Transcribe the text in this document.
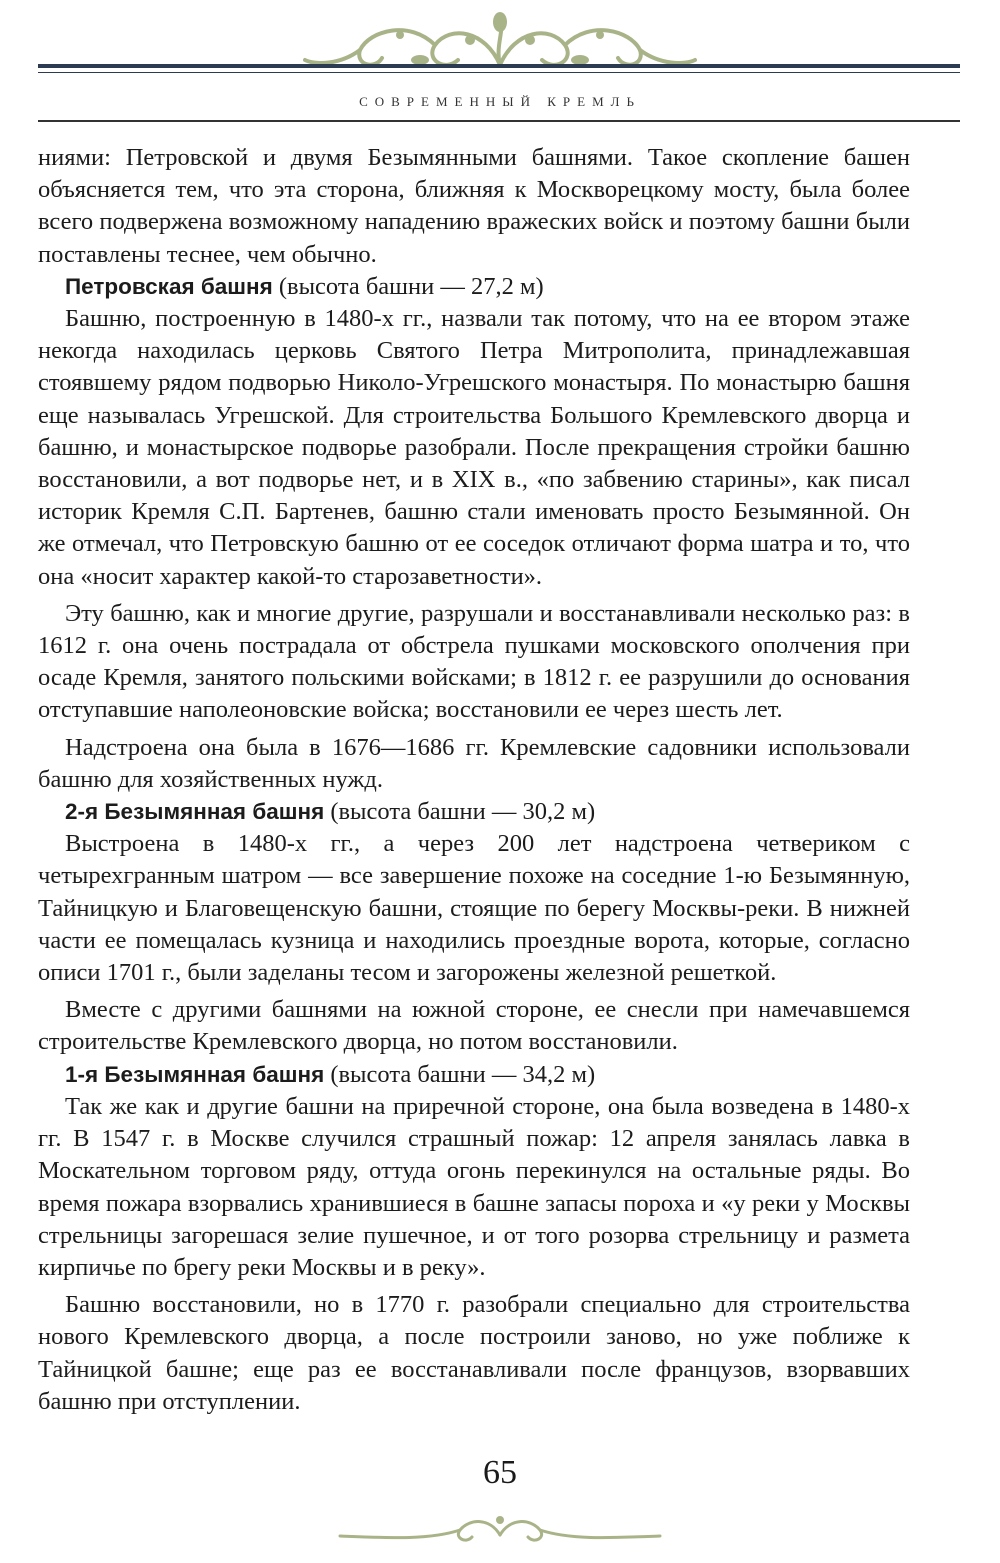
СОВРЕМЕННЫЙ КРЕМЛЬ

ниями: Петровской и двумя Безымянными башнями. Такое скопление башен объясняется тем, что эта сторона, ближняя к Москворецкому мосту, была более всего подвержена возможному нападению вражеских войск и поэтому башни были поставлены теснее, чем обычно.

Петровская башня (высота башни — 27,2 м)

Башню, построенную в 1480-х гг., назвали так потому, что на ее втором этаже некогда находилась церковь Святого Петра Митрополита, принадлежавшая стоявшему рядом подворью Николо-Угрешского монастыря. По монастырю башня еще называлась Угрешской. Для строительства Большого Кремлевского дворца и башню, и монастырское подворье разобрали. После прекращения стройки башню восстановили, а вот подворье нет, и в XIX в., «по забвению старины», как писал историк Кремля С.П. Бартенев, башню стали именовать просто Безымянной. Он же отмечал, что Петровскую башню от ее соседок отличают форма шатра и то, что она «носит характер какой-то старозаветности».

Эту башню, как и многие другие, разрушали и восстанавливали несколько раз: в 1612 г. она очень пострадала от обстрела пушками московского ополчения при осаде Кремля, занятого польскими войсками; в 1812 г. ее разрушили до основания отступавшие наполеоновские войска; восстановили ее через шесть лет.

Надстроена она была в 1676—1686 гг. Кремлевские садовники использовали башню для хозяйственных нужд.

2-я Безымянная башня (высота башни — 30,2 м)

Выстроена в 1480-х гг., а через 200 лет надстроена четвериком с четырехгранным шатром — все завершение похоже на соседние 1-ю Безымянную, Тайницкую и Благовещенскую башни, стоящие по берегу Москвы-реки. В нижней части ее помещалась кузница и находились проездные ворота, которые, согласно описи 1701 г., были заделаны тесом и загорожены железной решеткой.

Вместе с другими башнями на южной стороне, ее снесли при намечавшемся строительстве Кремлевского дворца, но потом восстановили.

1-я Безымянная башня (высота башни — 34,2 м)

Так же как и другие башни на приречной стороне, она была возведена в 1480-х гг. В 1547 г. в Москве случился страшный пожар: 12 апреля занялась лавка в Москательном торговом ряду, оттуда огонь перекинулся на остальные ряды. Во время пожара взорвались хранившиеся в башне запасы пороха и «у реки у Москвы стрельницы загорешася зелие пушечное, и от того розорва стрельницу и размета кирпичье по брегу реки Москвы и в реку».

Башню восстановили, но в 1770 г. разобрали специально для строительства нового Кремлевского дворца, а после построили заново, но уже поближе к Тайницкой башне; еще раз ее восстанавливали после французов, взорвавших башню при отступлении.

65
